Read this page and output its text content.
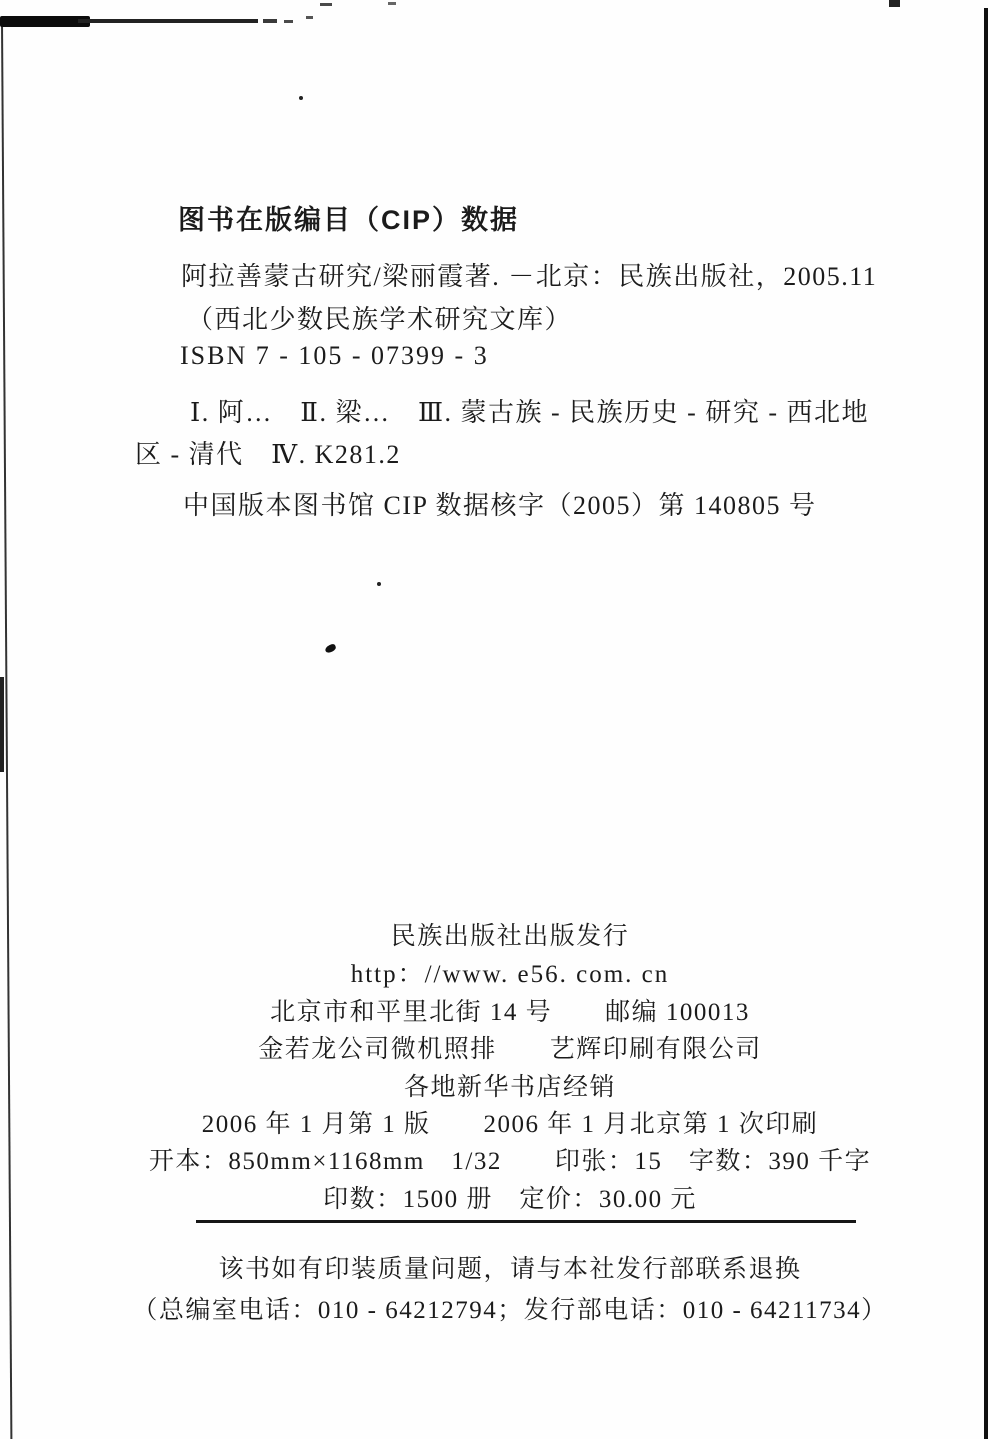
图书在版编目（CIP）数据
阿拉善蒙古研究/梁丽霞著. －北京：民族出版社，2005.11
（西北少数民族学术研究文库）
ISBN 7 - 105 - 07399 - 3
Ⅰ. 阿…　Ⅱ. 梁…　Ⅲ. 蒙古族 - 民族历史 - 研究 - 西北地
区 - 清代　Ⅳ. K281.2
中国版本图书馆 CIP 数据核字（2005）第 140805 号
民族出版社出版发行
http：//www. e56. com. cn
北京市和平里北街 14 号　　邮编 100013
金若龙公司微机照排　　艺辉印刷有限公司
各地新华书店经销
2006 年 1 月第 1 版　　2006 年 1 月北京第 1 次印刷
开本：850mm×1168mm　1/32　　印张：15　字数：390 千字
印数：1500 册　定价：30.00 元
该书如有印装质量问题，请与本社发行部联系退换
（总编室电话：010 - 64212794；发行部电话：010 - 64211734）
